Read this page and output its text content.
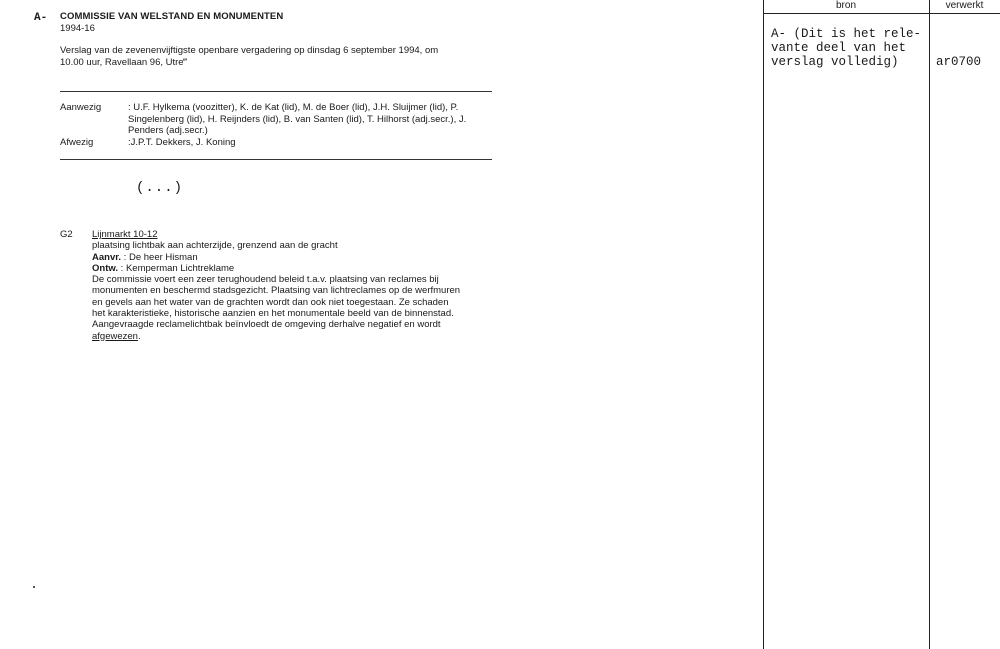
A- COMMISSIE VAN WELSTAND EN MONUMENTEN
1994-16
Verslag van de zevenenvijftigste openbare vergadering op dinsdag 6 september 1994, om
10.00 uur, Ravellaan 96, Utre‴
Aanwezig	: U.F. Hylkema (voozitter), K. de Kat (lid), M. de Boer (lid), J.H. Sluijmer (lid), P. Singelenberg (lid), H. Reijnders (lid), B. van Santen (lid), T. Hilhorst (adj.secr.), J. Penders (adj.secr.)
Afwezig	:J.P.T. Dekkers, J. Koning
(...)
G2 Lijnmarkt 10-12
plaatsing lichtbak aan achterzijde, grenzend aan de gracht
Aanvr. : De heer Hisman
Ontw. : Kemperman Lichtreklame
De commissie voert een zeer terughoudend beleid t.a.v. plaatsing van reclames bij
monumenten en beschermd stadsgezicht. Plaatsing van lichtreclames op de werfmuren
en gevels aan het water van de grachten wordt dan ook niet toegestaan. Ze schaden
het karakteristieke, historische aanzien en het monumentale beeld van de binnenstad.
Aangevraagde reclamelichtbak beïnvloedt de omgeving derhalve negatief en wordt
afgewezen.
bron	verwerkt
A- (Dit is het rele-
vante deel van het
verslag volledig)	ar0700
